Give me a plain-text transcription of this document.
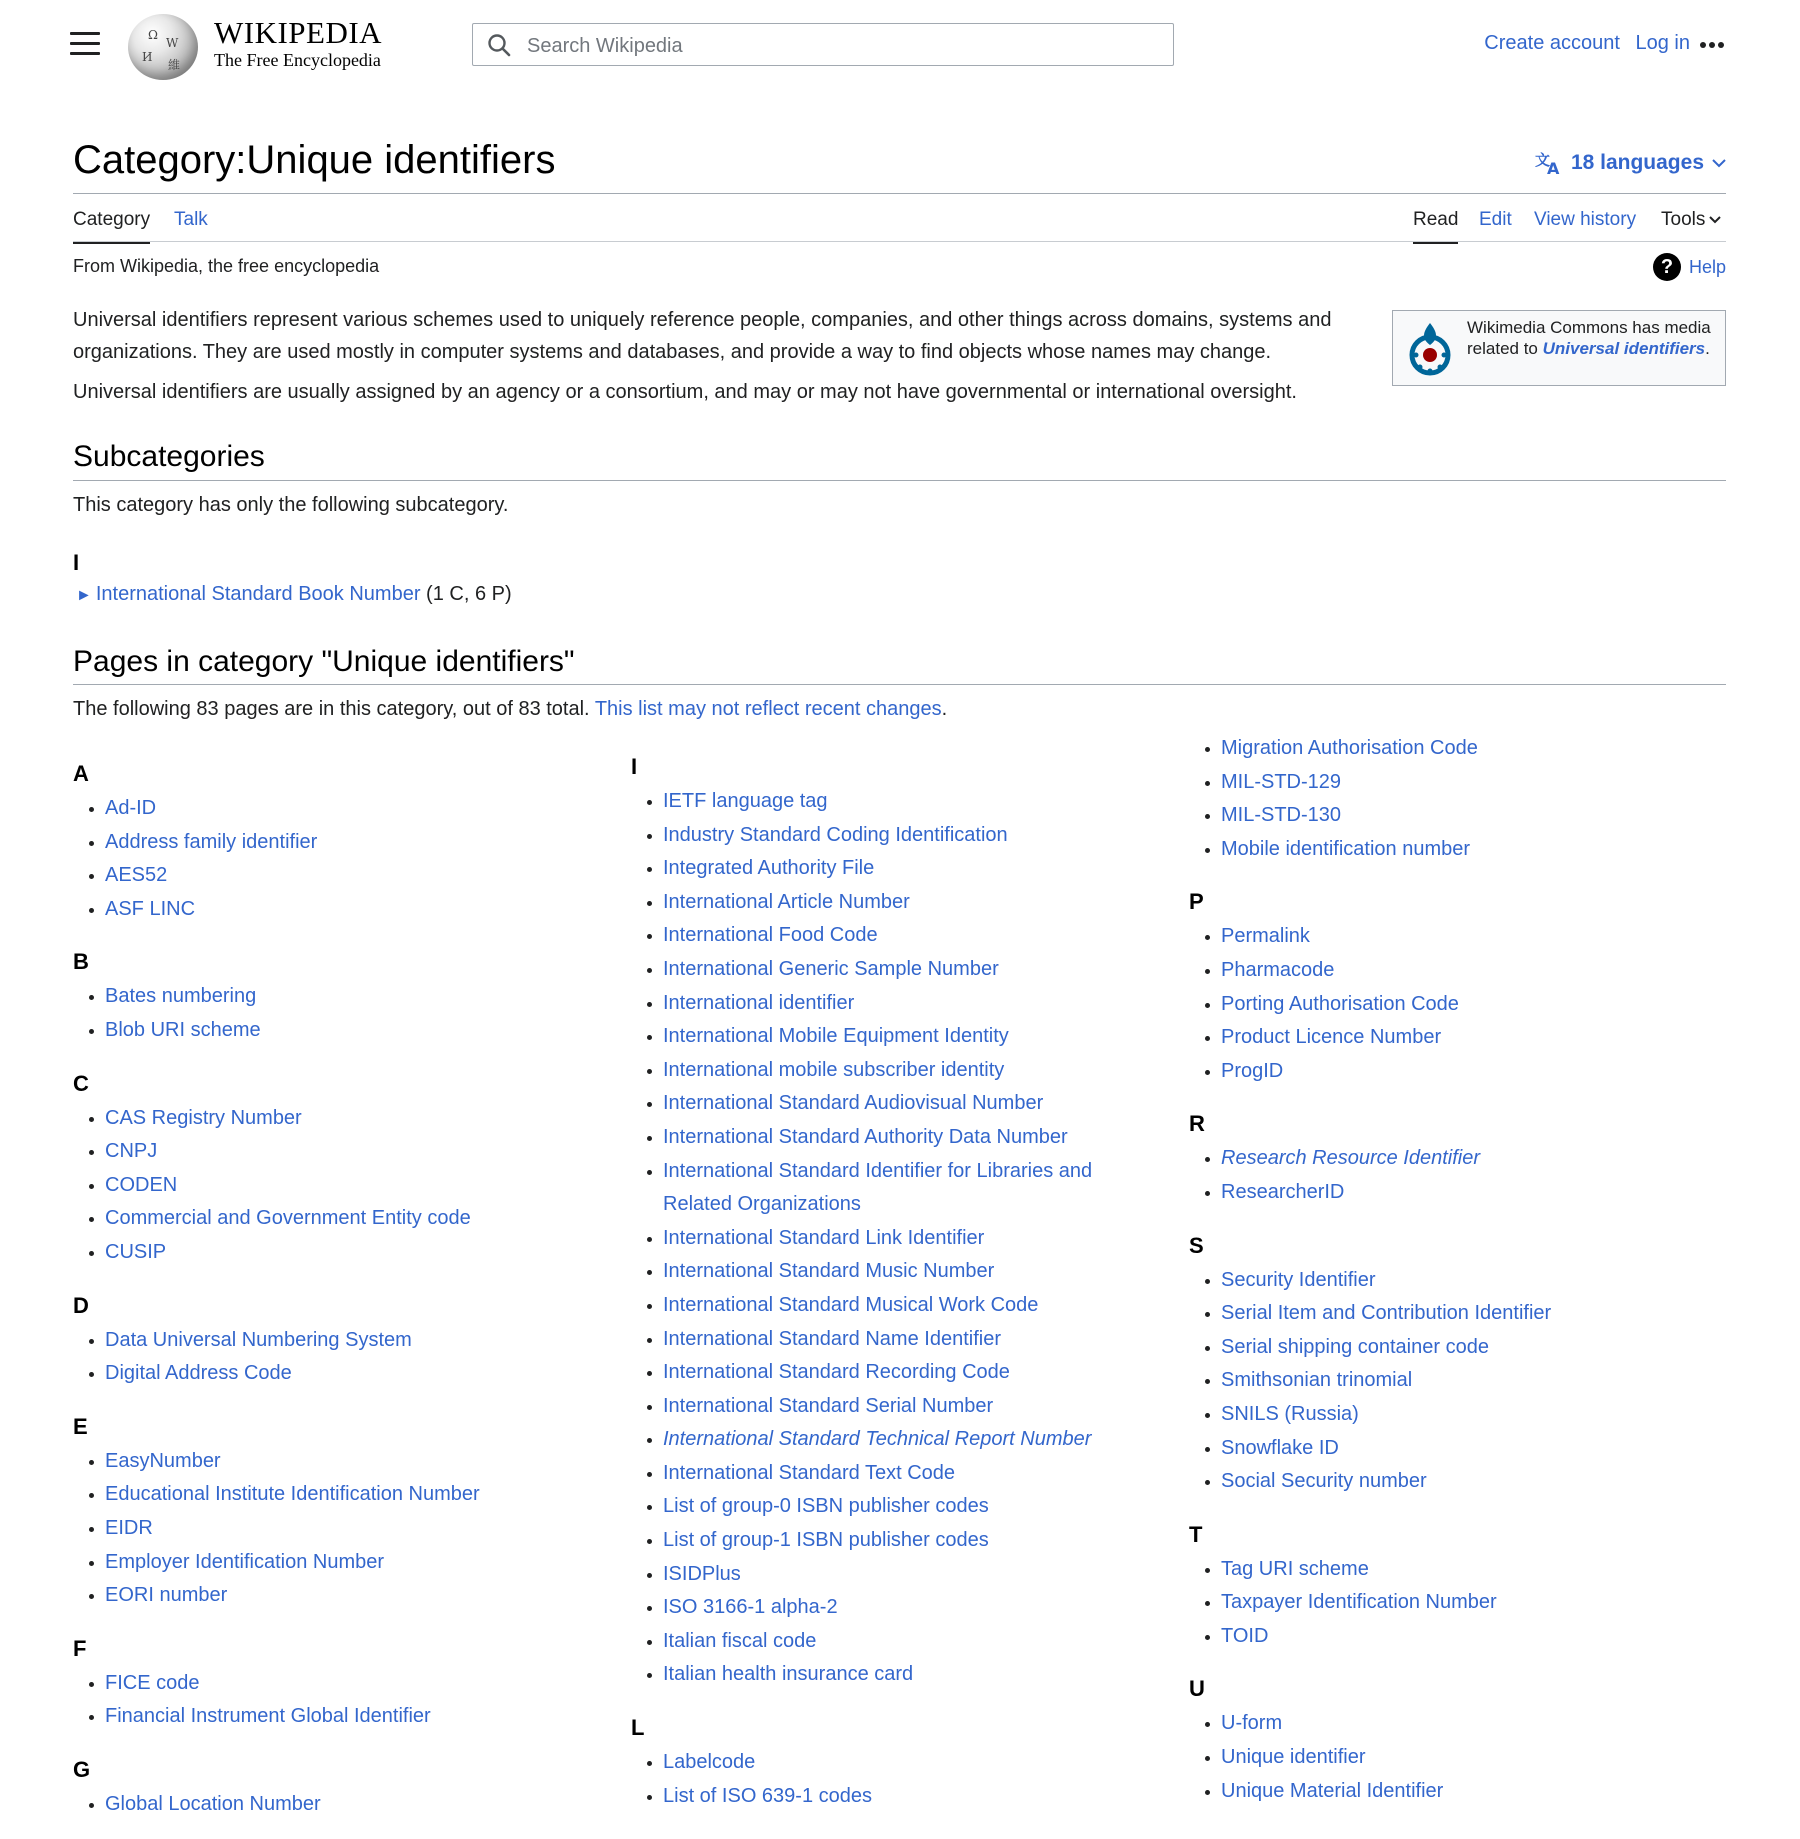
Ω
W
И
維
WIKIPEDIA
The Free Encyclopedia
Search Wikipedia
Create account Log in
Category:Unique identifiers	文
A 18 languages
Category Talk	Read Edit View history Tools
From Wikipedia, the free encyclopedia	? Help

Universal identifiers represent various schemes used to uniquely reference people, companies, and other things across domains, systems and organizations. They are used mostly in computer systems and databases, and provide a way to find objects whose names may change.

Universal identifiers are usually assigned by an agency or a consortium, and may or may not have governmental or international oversight.

Wikimedia Commons has media related to Universal identifiers.
Subcategories
This category has only the following subcategory.
I
► International Standard Book Number (1 C, 6 P)
Pages in category "Unique identifiers"
The following 83 pages are in this category, out of 83 total. This list may not reflect recent changes.
A
Ad-ID
Address family identifier
AES52
ASF LINC
B
Bates numbering
Blob URI scheme
C
CAS Registry Number
CNPJ
CODEN
Commercial and Government Entity code
CUSIP
D
Data Universal Numbering System
Digital Address Code
E
EasyNumber
Educational Institute Identification Number
EIDR
Employer Identification Number
EORI number
F
FICE code
Financial Instrument Global Identifier
G
Global Location Number
I
IETF language tag
Industry Standard Coding Identification
Integrated Authority File
International Article Number
International Food Code
International Generic Sample Number
International identifier
International Mobile Equipment Identity
International mobile subscriber identity
International Standard Audiovisual Number
International Standard Authority Data Number
International Standard Identifier for Libraries and Related Organizations
International Standard Link Identifier
International Standard Music Number
International Standard Musical Work Code
International Standard Name Identifier
International Standard Recording Code
International Standard Serial Number
International Standard Technical Report Number
International Standard Text Code
List of group-0 ISBN publisher codes
List of group-1 ISBN publisher codes
ISIDPlus
ISO 3166-1 alpha-2
Italian fiscal code
Italian health insurance card
L
Labelcode
List of ISO 639-1 codes
Migration Authorisation Code
MIL-STD-129
MIL-STD-130
Mobile identification number
P
Permalink
Pharmacode
Porting Authorisation Code
Product Licence Number
ProgID
R
Research Resource Identifier
ResearcherID
S
Security Identifier
Serial Item and Contribution Identifier
Serial shipping container code
Smithsonian trinomial
SNILS (Russia)
Snowflake ID
Social Security number
T
Tag URI scheme
Taxpayer Identification Number
TOID
U
U-form
Unique identifier
Unique Material Identifier
